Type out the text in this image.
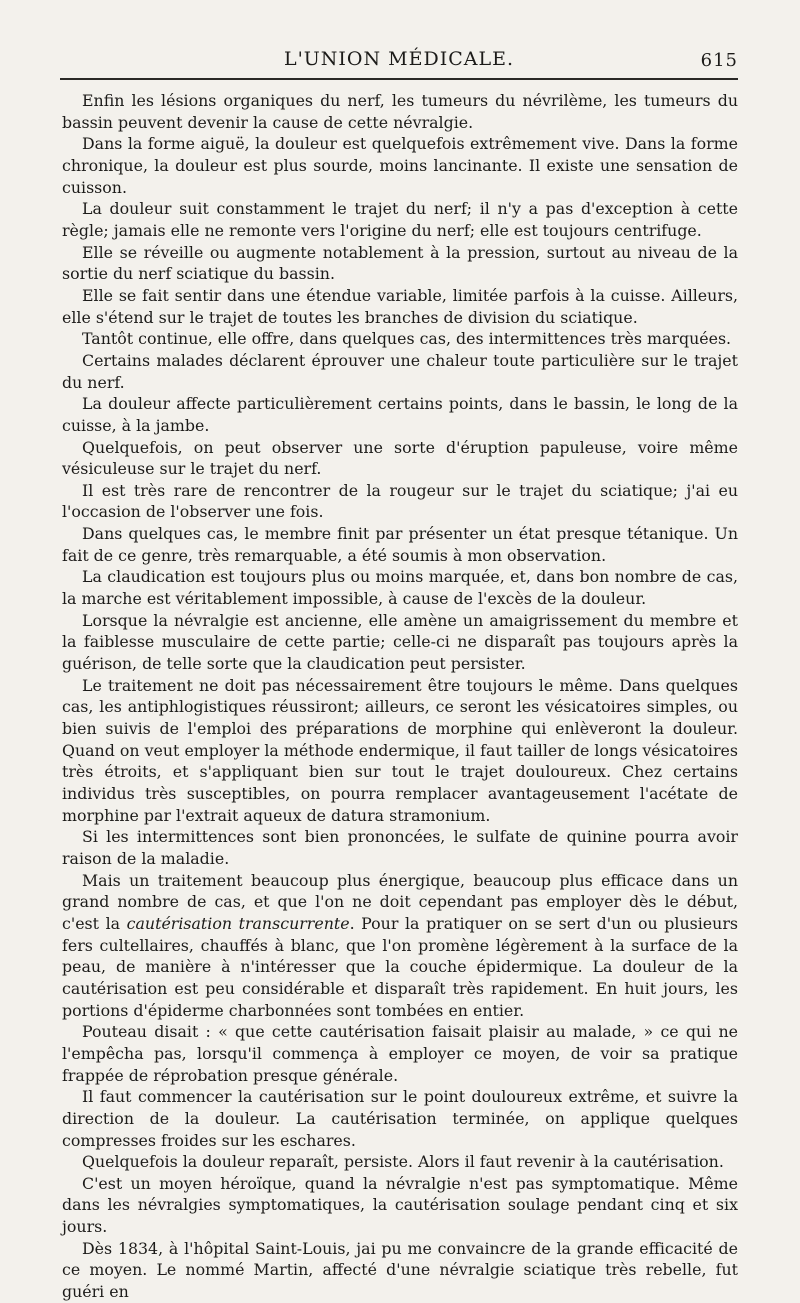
L'UNION MÉDICALE.	615

Enfin les lésions organiques du nerf, les tumeurs du névrilème, les tumeurs du bassin peuvent devenir la cause de cette névralgie.

Dans la forme aiguë, la douleur est quelquefois extrêmement vive. Dans la forme chronique, la douleur est plus sourde, moins lancinante. Il existe une sensation de cuisson.

La douleur suit constamment le trajet du nerf; il n'y a pas d'exception à cette règle; jamais elle ne remonte vers l'origine du nerf; elle est toujours centrifuge.

Elle se réveille ou augmente notablement à la pression, surtout au niveau de la sortie du nerf sciatique du bassin.

Elle se fait sentir dans une étendue variable, limitée parfois à la cuisse. Ailleurs, elle s'étend sur le trajet de toutes les branches de division du sciatique.

Tantôt continue, elle offre, dans quelques cas, des intermittences très marquées.

Certains malades déclarent éprouver une chaleur toute particulière sur le trajet du nerf.

La douleur affecte particulièrement certains points, dans le bassin, le long de la cuisse, à la jambe.

Quelquefois, on peut observer une sorte d'éruption papuleuse, voire même vésiculeuse sur le trajet du nerf.

Il est très rare de rencontrer de la rougeur sur le trajet du sciatique; j'ai eu l'occasion de l'observer une fois.

Dans quelques cas, le membre finit par présenter un état presque tétanique. Un fait de ce genre, très remarquable, a été soumis à mon observation.

La claudication est toujours plus ou moins marquée, et, dans bon nombre de cas, la marche est véritablement impossible, à cause de l'excès de la douleur.

Lorsque la névralgie est ancienne, elle amène un amaigrissement du membre et la faiblesse musculaire de cette partie; celle-ci ne disparaît pas toujours après la guérison, de telle sorte que la claudication peut persister.

Le traitement ne doit pas nécessairement être toujours le même. Dans quelques cas, les antiphlogistiques réussiront; ailleurs, ce seront les vésicatoires simples, ou bien suivis de l'emploi des préparations de morphine qui enlèveront la douleur. Quand on veut employer la méthode endermique, il faut tailler de longs vésicatoires très étroits, et s'appliquant bien sur tout le trajet douloureux. Chez certains individus très susceptibles, on pourra remplacer avantageusement l'acétate de morphine par l'extrait aqueux de datura stramonium.

Si les intermittences sont bien prononcées, le sulfate de quinine pourra avoir raison de la maladie.

Mais un traitement beaucoup plus énergique, beaucoup plus efficace dans un grand nombre de cas, et que l'on ne doit cependant pas employer dès le début, c'est la cautérisation transcurrente. Pour la pratiquer on se sert d'un ou plusieurs fers cultellaires, chauffés à blanc, que l'on promène légèrement à la surface de la peau, de manière à n'intéresser que la couche épidermique. La douleur de la cautérisation est peu considérable et disparaît très rapidement. En huit jours, les portions d'épiderme charbonnées sont tombées en entier.

Pouteau disait : « que cette cautérisation faisait plaisir au malade, » ce qui ne l'empêcha pas, lorsqu'il commença à employer ce moyen, de voir sa pratique frappée de réprobation presque générale.

Il faut commencer la cautérisation sur le point douloureux extrême, et suivre la direction de la douleur. La cautérisation terminée, on applique quelques compresses froides sur les eschares.

Quelquefois la douleur reparaît, persiste. Alors il faut revenir à la cautérisation.

C'est un moyen héroïque, quand la névralgie n'est pas symptomatique. Même dans les névralgies symptomatiques, la cautérisation soulage pendant cinq et six jours.

Dès 1834, à l'hôpital Saint-Louis, jai pu me convaincre de la grande efficacité de ce moyen. Le nommé Martin, affecté d'une névralgie sciatique très rebelle, fut guéri en
